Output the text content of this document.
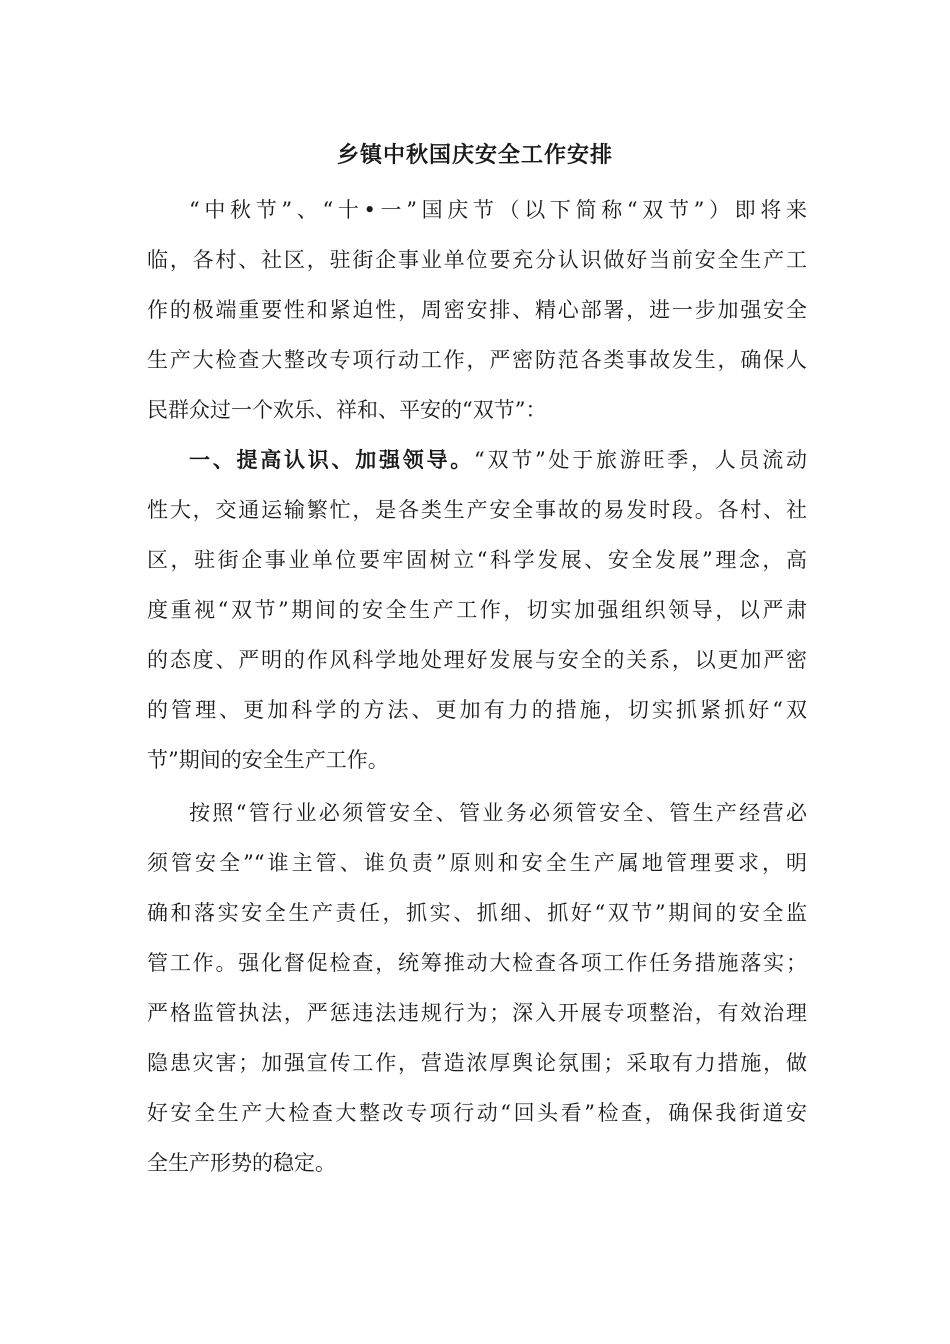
乡镇中秋国庆安全工作安排

“中秋节”、“十•一”国庆节（以下简称“双节”）即将来

临，各村、社区，驻街企事业单位要充分认识做好当前安全生产工

作的极端重要性和紧迫性，周密安排、精心部署，进一步加强安全

生产大检查大整改专项行动工作，严密防范各类事故发生，确保人

民群众过一个欢乐、祥和、平安的“双节”：

一、提高认识、加强领导。“双节”处于旅游旺季，人员流动

性大，交通运输繁忙，是各类生产安全事故的易发时段。各村、社

区，驻街企事业单位要牢固树立“科学发展、安全发展”理念，高

度重视“双节”期间的安全生产工作，切实加强组织领导，以严肃

的态度、严明的作风科学地处理好发展与安全的关系，以更加严密

的管理、更加科学的方法、更加有力的措施，切实抓紧抓好“双

节”期间的安全生产工作。

按照“管行业必须管安全、管业务必须管安全、管生产经营必

须管安全”“谁主管、谁负责”原则和安全生产属地管理要求，明

确和落实安全生产责任，抓实、抓细、抓好“双节”期间的安全监

管工作。强化督促检查，统筹推动大检查各项工作任务措施落实；

严格监管执法，严惩违法违规行为；深入开展专项整治，有效治理

隐患灾害；加强宣传工作，营造浓厚舆论氛围；采取有力措施，做

好安全生产大检查大整改专项行动“回头看”检查，确保我街道安

全生产形势的稳定。
